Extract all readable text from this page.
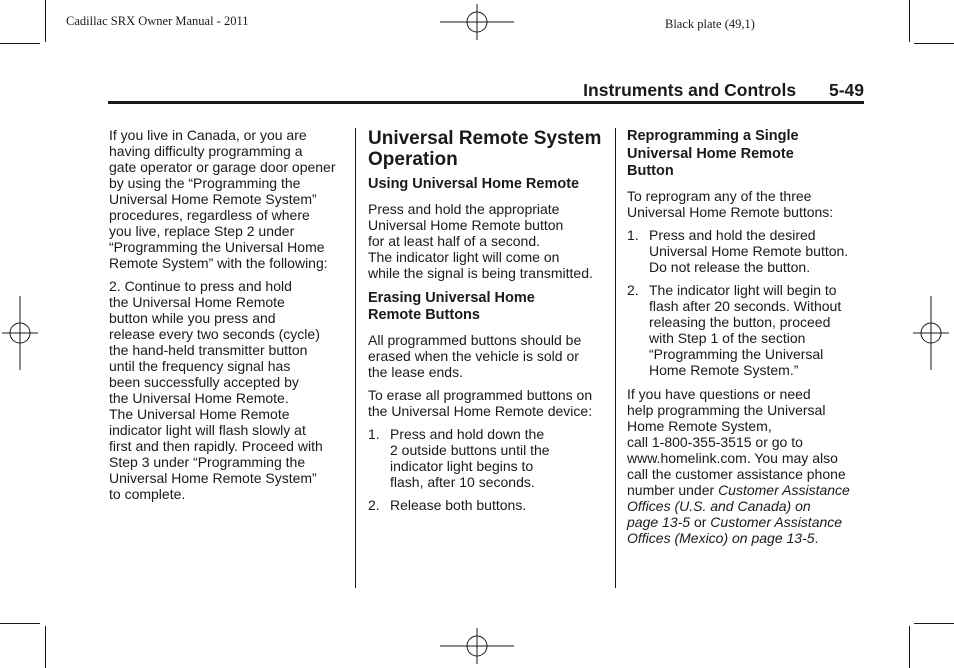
Cadillac SRX Owner Manual - 2011	Black plate (49,1)
Instruments and Controls 5-49

If you live in Canada, or you are
having difficulty programming a
gate operator or garage door opener
by using the “Programming the
Universal Home Remote System”
procedures, regardless of where
you live, replace Step 2 under
“Programming the Universal Home
Remote System” with the following:

2. Continue to press and hold
the Universal Home Remote
button while you press and
release every two seconds (cycle)
the hand-held transmitter button
until the frequency signal has
been successfully accepted by
the Universal Home Remote.
The Universal Home Remote
indicator light will flash slowly at
first and then rapidly. Proceed with
Step 3 under “Programming the
Universal Home Remote System”
to complete.

Universal Remote System
Operation
Using Universal Home Remote

Press and hold the appropriate
Universal Home Remote button
for at least half of a second.
The indicator light will come on
while the signal is being transmitted.

Erasing Universal Home
Remote Buttons

All programmed buttons should be
erased when the vehicle is sold or
the lease ends.

To erase all programmed buttons on
the Universal Home Remote device:

1. Press and hold down the
2 outside buttons until the
indicator light begins to
flash, after 10 seconds.
2. Release both buttons.
Reprogramming a Single
Universal Home Remote
Button

To reprogram any of the three
Universal Home Remote buttons:

1. Press and hold the desired
Universal Home Remote button.
Do not release the button.
2. The indicator light will begin to
flash after 20 seconds. Without
releasing the button, proceed
with Step 1 of the section
“Programming the Universal
Home Remote System.”

If you have questions or need
help programming the Universal
Home Remote System,
call 1-800-355-3515 or go to
www.homelink.com. You may also
call the customer assistance phone
number under Customer Assistance
Offices (U.S. and Canada) on
page 13-5 or Customer Assistance
Offices (Mexico) on page 13-5.
